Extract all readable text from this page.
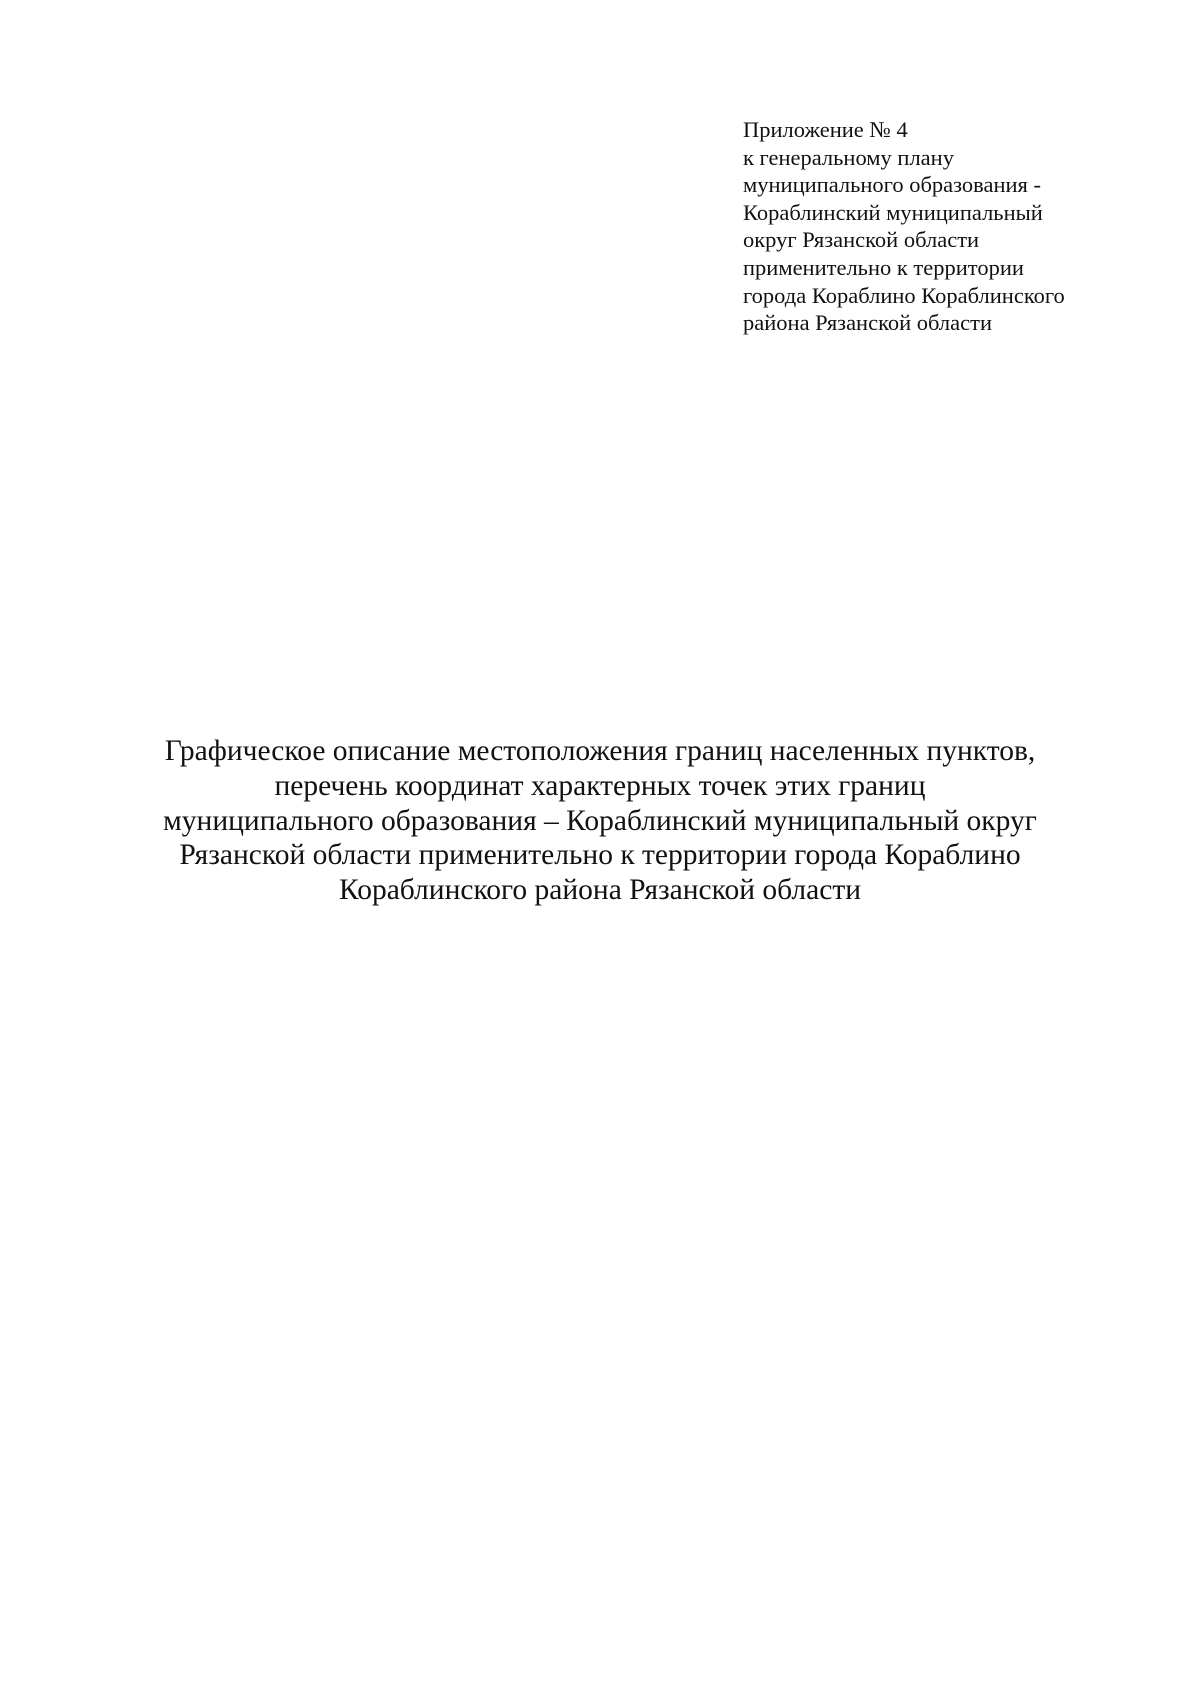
Приложение № 4
к генеральному плану
муниципального образования -
Кораблинский муниципальный
округ Рязанской области
применительно к территории
города Кораблино Кораблинского
района Рязанской области
Графическое описание местоположения границ населенных пунктов,
перечень координат характерных точек этих границ
муниципального образования – Кораблинский муниципальный округ
Рязанской области применительно к территории города Кораблино
Кораблинского района Рязанской области
